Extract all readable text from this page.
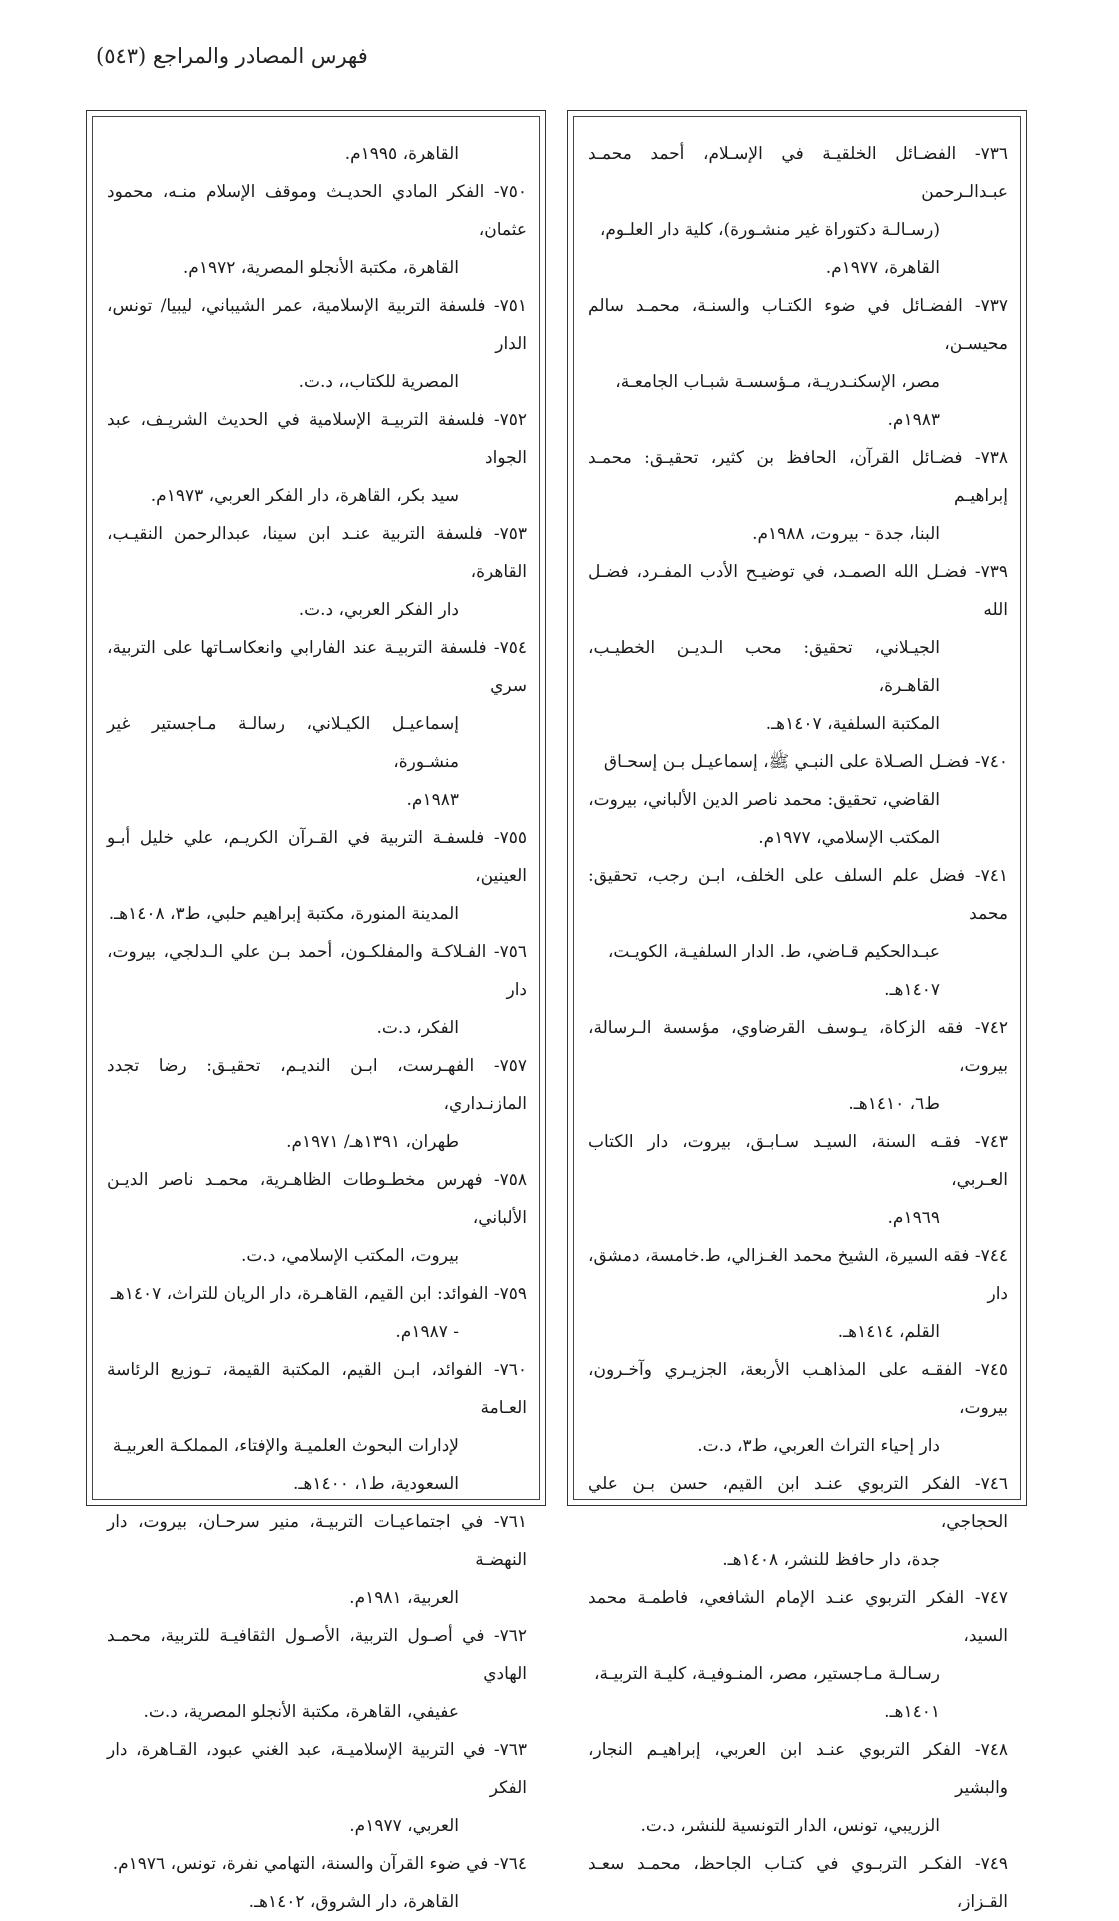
فهرس المصادر والمراجع (٥٤٣)
٧٣٦- الفضـائل الخلقيـة في الإسـلام، أحمد محمـد عبـدالـرحمن
(رسـالـة دكتوراة غير منشـورة)، كلية دار العلـوم،
القاهرة، ١٩٧٧م.
٧٣٧- الفضـائل في ضوء الكتـاب والسنـة، محمـد سالم محيسـن،
مصر، الإسكنـدريـة، مـؤسسـة شبـاب الجامعـة،
١٩٨٣م.
٧٣٨- فضـائل القرآن، الحافظ بن كثير، تحقيـق: محمـد إبراهيـم
البنا، جدة - بيروت، ١٩٨٨م.
٧٣٩- فضـل الله الصمـد، في توضيـح الأدب المفـرد، فضـل الله
الجيـلاني، تحقيق: محب الـديـن الخطيـب، القاهـرة،
المكتبة السلفية، ١٤٠٧هـ.
٧٤٠- فضـل الصـلاة على النبـي ﷺ، إسماعيـل بـن إسحـاق
القاضي، تحقيق: محمد ناصر الدين الألباني، بيروت،
المكتب الإسلامي، ١٩٧٧م.
٧٤١- فضل علم السلف على الخلف، ابـن رجب، تحقيق: محمد
عبـدالحكيم قـاضي، ط. الدار السلفيـة، الكويـت،
١٤٠٧هـ.
٧٤٢- فقه الزكاة، يـوسف القرضاوي، مؤسسة الـرسالة، بيروت،
ط٦، ١٤١٠هـ.
٧٤٣- فقـه السنة، السيـد سـابـق، بيروت، دار الكتاب العـربي،
١٩٦٩م.
٧٤٤- فقه السيرة، الشيخ محمد الغـزالي، ط.خامسة، دمشق، دار
القلم، ١٤١٤هـ.
٧٤٥- الفقـه على المذاهـب الأربعة، الجزيـري وآخـرون، بيروت،
دار إحياء التراث العربي، ط٣، د.ت.
٧٤٦- الفكر التربوي عنـد ابن القيم، حسن بـن علي الحجاجي،
جدة، دار حافظ للنشر، ١٤٠٨هـ.
٧٤٧- الفكر التربوي عنـد الإمام الشافعي، فاطمـة محمد السيد،
رسـالـة مـاجستير، مصر، المنـوفيـة، كليـة التربيـة،
١٤٠١هـ.
٧٤٨- الفكر التربوي عنـد ابن العربي، إبراهيـم النجار، والبشير
الزريبي، تونس، الدار التونسية للنشر، د.ت.
٧٤٩- الفكـر التربـوي في كتـاب الجاحظ، محمـد سعـد القـزاز،
القاهرة، ١٩٩٥م.
٧٥٠- الفكر المادي الحديـث وموقف الإسلام منـه، محمود عثمان،
القاهرة، مكتبة الأنجلو المصرية، ١٩٧٢م.
٧٥١- فلسفة التربية الإسلامية، عمر الشيباني، ليبيا/ تونس، الدار
المصرية للكتاب،، د.ت.
٧٥٢- فلسفة التربيـة الإسلامية في الحديث الشريـف، عبد الجواد
سيد بكر، القاهرة، دار الفكر العربي، ١٩٧٣م.
٧٥٣- فلسفة التربية عنـد ابن سينا، عبدالرحمن النقيـب، القاهرة،
دار الفكر العربي، د.ت.
٧٥٤- فلسفة التربيـة عند الفارابي وانعكاسـاتها على التربية، سري
إسماعيـل الكيـلاني، رسالـة مـاجستير غير منشـورة،
١٩٨٣م.
٧٥٥- فلسفـة التربية في القـرآن الكريـم، علي خليل أبـو العينين،
المدينة المنورة، مكتبة إبراهيم حلبي، ط٣، ١٤٠٨هـ.
٧٥٦- الفـلاكـة والمفلكـون، أحمد بـن علي الـدلجي، بيروت، دار
الفكر، د.ت.
٧٥٧- الفهـرست، ابـن النديـم، تحقيـق: رضا تجدد المازنـداري،
طهران، ١٣٩١هـ/ ١٩٧١م.
٧٥٨- فهرس مخطـوطات الظاهـرية، محمـد ناصر الديـن الألباني،
بيروت، المكتب الإسلامي، د.ت.
٧٥٩- الفوائد: ابن القيم، القاهـرة، دار الريان للتراث، ١٤٠٧هـ
- ١٩٨٧م.
٧٦٠- الفوائد، ابـن القيم، المكتبة القيمة، تـوزيع الرئاسة العـامة
لإدارات البحوث العلميـة والإفتاء، المملكـة العربيـة
السعودية، ط١، ١٤٠٠هـ.
٧٦١- في اجتماعيـات التربيـة، منير سرحـان، بيروت، دار النهضـة
العربية، ١٩٨١م.
٧٦٢- في أصـول التربية، الأصـول الثقافيـة للتربية، محمـد الهادي
عفيفي، القاهرة، مكتبة الأنجلو المصرية، د.ت.
٧٦٣- في التربية الإسلاميـة، عبد الغني عبود، القـاهرة، دار الفكر
العربي، ١٩٧٧م.
٧٦٤- في ضوء القرآن والسنة، التهامي نفرة، تونس، ١٩٧٦م.
القاهرة، دار الشروق، ١٤٠٢هـ.
